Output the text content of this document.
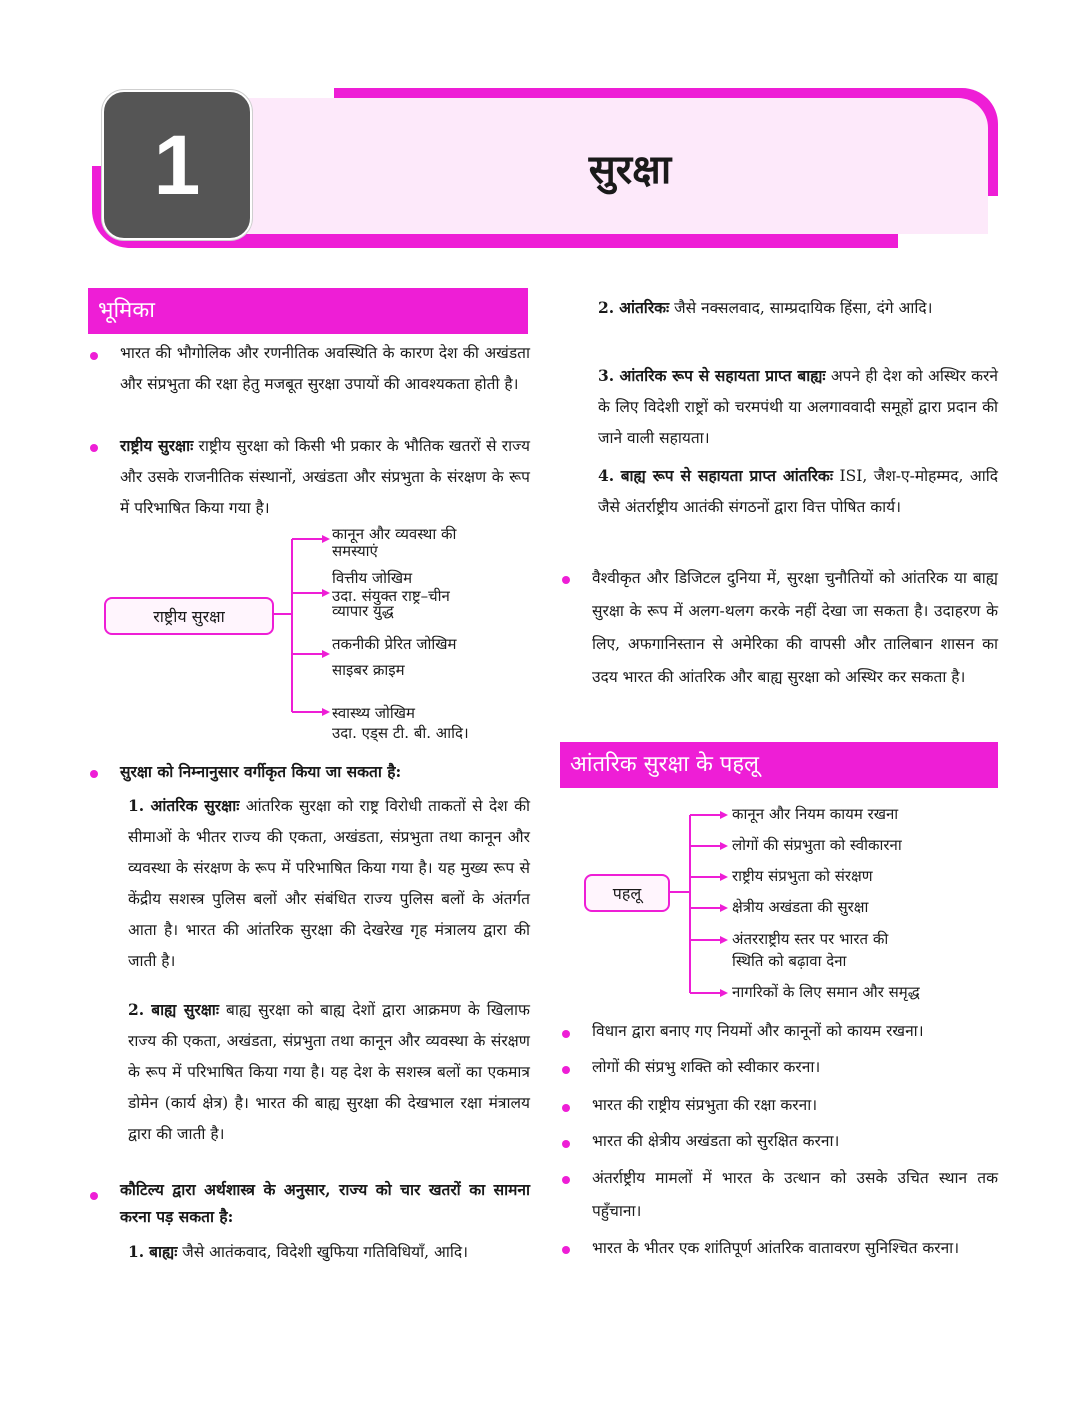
1	सुरक्षा
भूमिका
भारत की भौगोलिक और रणनीतिक अवस्थिति के कारण देश की अखंडता और संप्रभुता की रक्षा हेतु मजबूत सुरक्षा उपायों की आवश्यकता होती है।
राष्ट्रीय सुरक्षाः राष्ट्रीय सुरक्षा को किसी भी प्रकार के भौतिक खतरों से राज्य और उसके राजनीतिक संस्थानों, अखंडता और संप्रभुता के संरक्षण के रूप में परिभाषित किया गया है।
राष्ट्रीय सुरक्षा
कानून और व्यवस्था की
समस्याएं
वित्तीय जोखिम
उदा. संयुक्त राष्ट्र–चीन
व्यापार युद्ध
तकनीकी प्रेरित जोखिम
साइबर क्राइम
स्वास्थ्य जोखिम
उदा. एड्स टी. बी. आदि।
सुरक्षा को निम्नानुसार वर्गीकृत किया जा सकता है:
1. आंतरिक सुरक्षाः आंतरिक सुरक्षा को राष्ट्र विरोधी ताकतों से देश की सीमाओं के भीतर राज्य की एकता, अखंडता, संप्रभुता तथा कानून और व्यवस्था के संरक्षण के रूप में परिभाषित किया गया है। यह मुख्य रूप से केंद्रीय सशस्त्र पुलिस बलों और संबंधित राज्य पुलिस बलों के अंतर्गत आता है। भारत की आंतरिक सुरक्षा की देखरेख गृह मंत्रालय द्वारा की जाती है।
2. बाह्य सुरक्षाः बाह्य सुरक्षा को बाह्य देशों द्वारा आक्रमण के खिलाफ राज्य की एकता, अखंडता, संप्रभुता तथा कानून और व्यवस्था के संरक्षण के रूप में परिभाषित किया गया है। यह देश के सशस्त्र बलों का एकमात्र डोमेन (कार्य क्षेत्र) है। भारत की बाह्य सुरक्षा की देखभाल रक्षा मंत्रालय द्वारा की जाती है।
कौटिल्य द्वारा अर्थशास्त्र के अनुसार, राज्य को चार खतरों का सामना करना पड़ सकता है:
1. बाह्यः जैसे आतंकवाद, विदेशी खुफिया गतिविधियाँ, आदि।
2. आंतरिकः जैसे नक्सलवाद, साम्प्रदायिक हिंसा, दंगे आदि।
3. आंतरिक रूप से सहायता प्राप्त बाह्यः अपने ही देश को अस्थिर करने के लिए विदेशी राष्ट्रों को चरमपंथी या अलगाववादी समूहों द्वारा प्रदान की जाने वाली सहायता।
4. बाह्य रूप से सहायता प्राप्त आंतरिकः ISI, जैश-ए-मोहम्मद, आदि जैसे अंतर्राष्ट्रीय आतंकी संगठनों द्वारा वित्त पोषित कार्य।
वैश्वीकृत और डिजिटल दुनिया में, सुरक्षा चुनौतियों को आंतरिक या बाह्य सुरक्षा के रूप में अलग-थलग करके नहीं देखा जा सकता है। उदाहरण के लिए, अफगानिस्तान से अमेरिका की वापसी और तालिबान शासन का उदय भारत की आंतरिक और बाह्य सुरक्षा को अस्थिर कर सकता है।
आंतरिक सुरक्षा के पहलू
पहलू
कानून और नियम कायम रखना
लोगों की संप्रभुता को स्वीकारना
राष्ट्रीय संप्रभुता को संरक्षण
क्षेत्रीय अखंडता की सुरक्षा
अंतरराष्ट्रीय स्तर पर भारत की
स्थिति को बढ़ावा देना
नागरिकों के लिए समान और समृद्ध
विधान द्वारा बनाए गए नियमों और कानूनों को कायम रखना।
लोगों की संप्रभु शक्ति को स्वीकार करना।
भारत की राष्ट्रीय संप्रभुता की रक्षा करना।
भारत की क्षेत्रीय अखंडता को सुरक्षित करना।
अंतर्राष्ट्रीय मामलों में भारत के उत्थान को उसके उचित स्थान तक पहुँचाना।
भारत के भीतर एक शांतिपूर्ण आंतरिक वातावरण सुनिश्चित करना।
